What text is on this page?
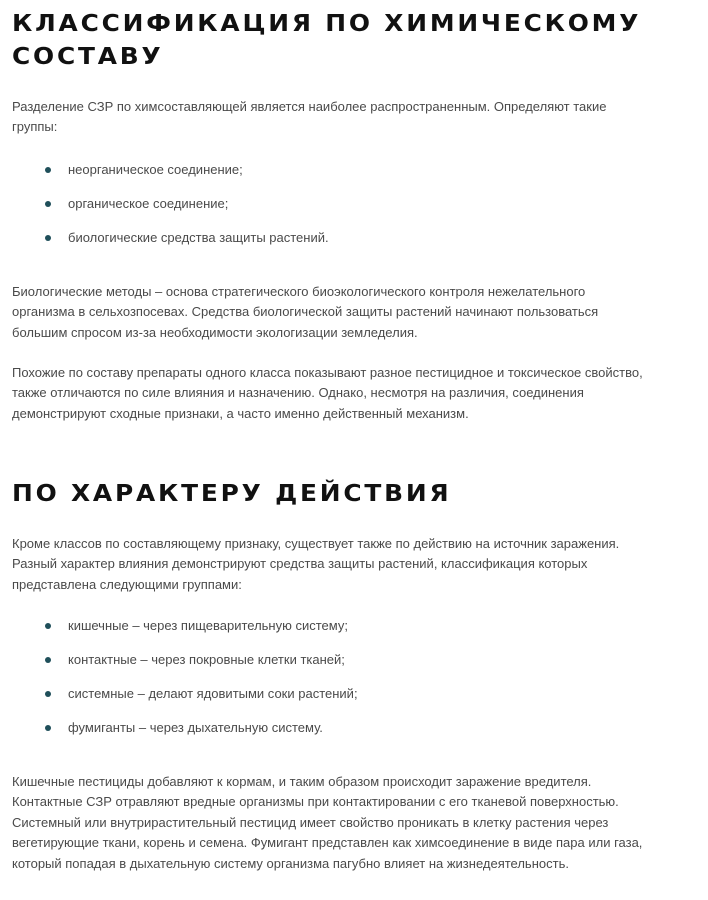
КЛАССИФИКАЦИЯ ПО ХИМИЧЕСКОМУ
СОСТАВУ

Разделение СЗР по химсоставляющей является наиболее распространенным. Определяют такие
группы:

неорганическое соединение;
органическое соединение;
биологические средства защиты растений.

Биологические методы – основа стратегического биоэкологического контроля нежелательного
организма в сельхозпосевах. Средства биологической защиты растений начинают пользоваться
большим спросом из-за необходимости экологизации земледелия.

Похожие по составу препараты одного класса показывают разное пестицидное и токсическое свойство,
также отличаются по силе влияния и назначению. Однако, несмотря на различия, соединения
демонстрируют сходные признаки, а часто именно действенный механизм.

ПО ХАРАКТЕРУ ДЕЙСТВИЯ

Кроме классов по составляющему признаку, существует также по действию на источник заражения.
Разный характер влияния демонстрируют средства защиты растений, классификация которых
представлена следующими группами:

кишечные – через пищеварительную систему;
контактные – через покровные клетки тканей;
системные – делают ядовитыми соки растений;
фумиганты – через дыхательную систему.

Кишечные пестициды добавляют к кормам, и таким образом происходит заражение вредителя.
Контактные СЗР отравляют вредные организмы при контактировании с его тканевой поверхностью.
Системный или внутрирастительный пестицид имеет свойство проникать в клетку растения через
вегетирующие ткани, корень и семена. Фумигант представлен как химсоединение в виде пара или газа,
который попадая в дыхательную систему организма пагубно влияет на жизнедеятельность.
